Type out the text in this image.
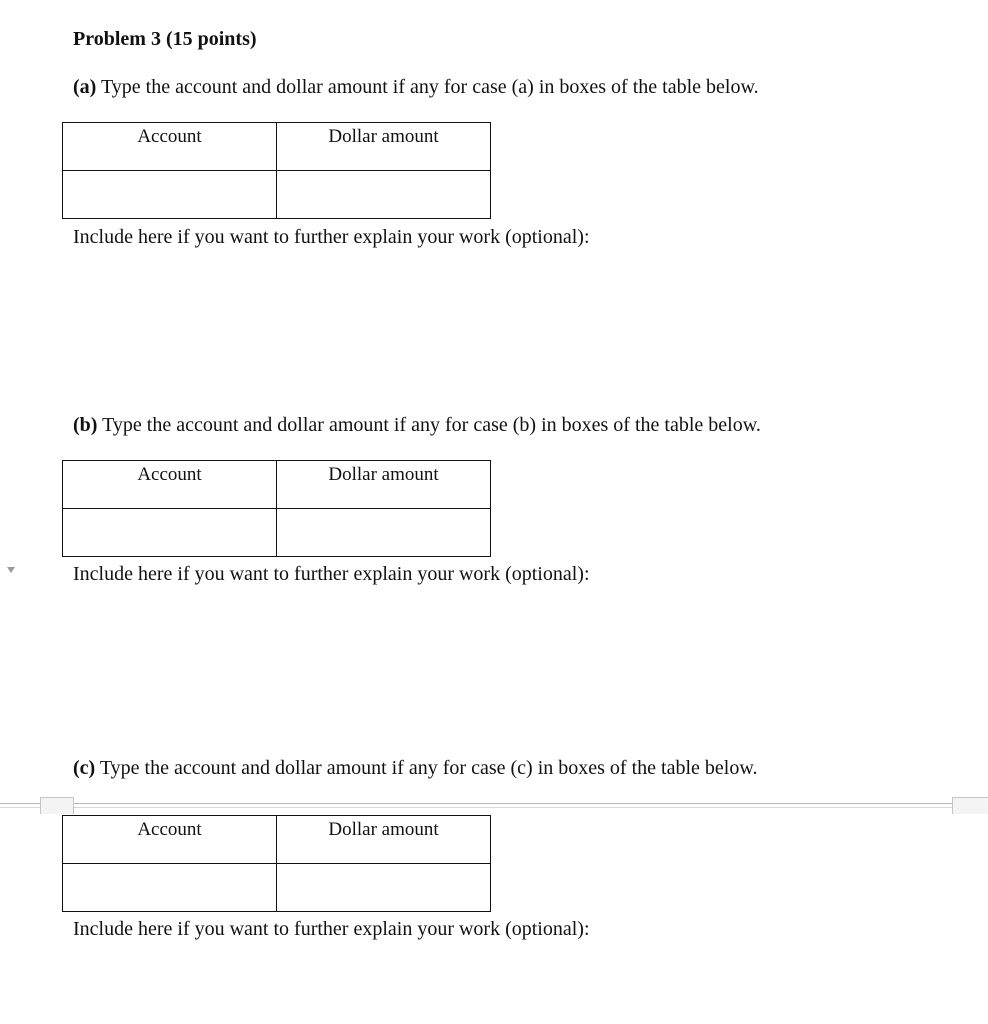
Problem 3 (15 points)
(a) Type the account and dollar amount if any for case (a) in boxes of the table below.
Account	Dollar amount

Include here if you want to further explain your work (optional):
(b) Type the account and dollar amount if any for case (b) in boxes of the table below.
Account	Dollar amount

Include here if you want to further explain your work (optional):
(c) Type the account and dollar amount if any for case (c) in boxes of the table below.
Account	Dollar amount

Include here if you want to further explain your work (optional):
